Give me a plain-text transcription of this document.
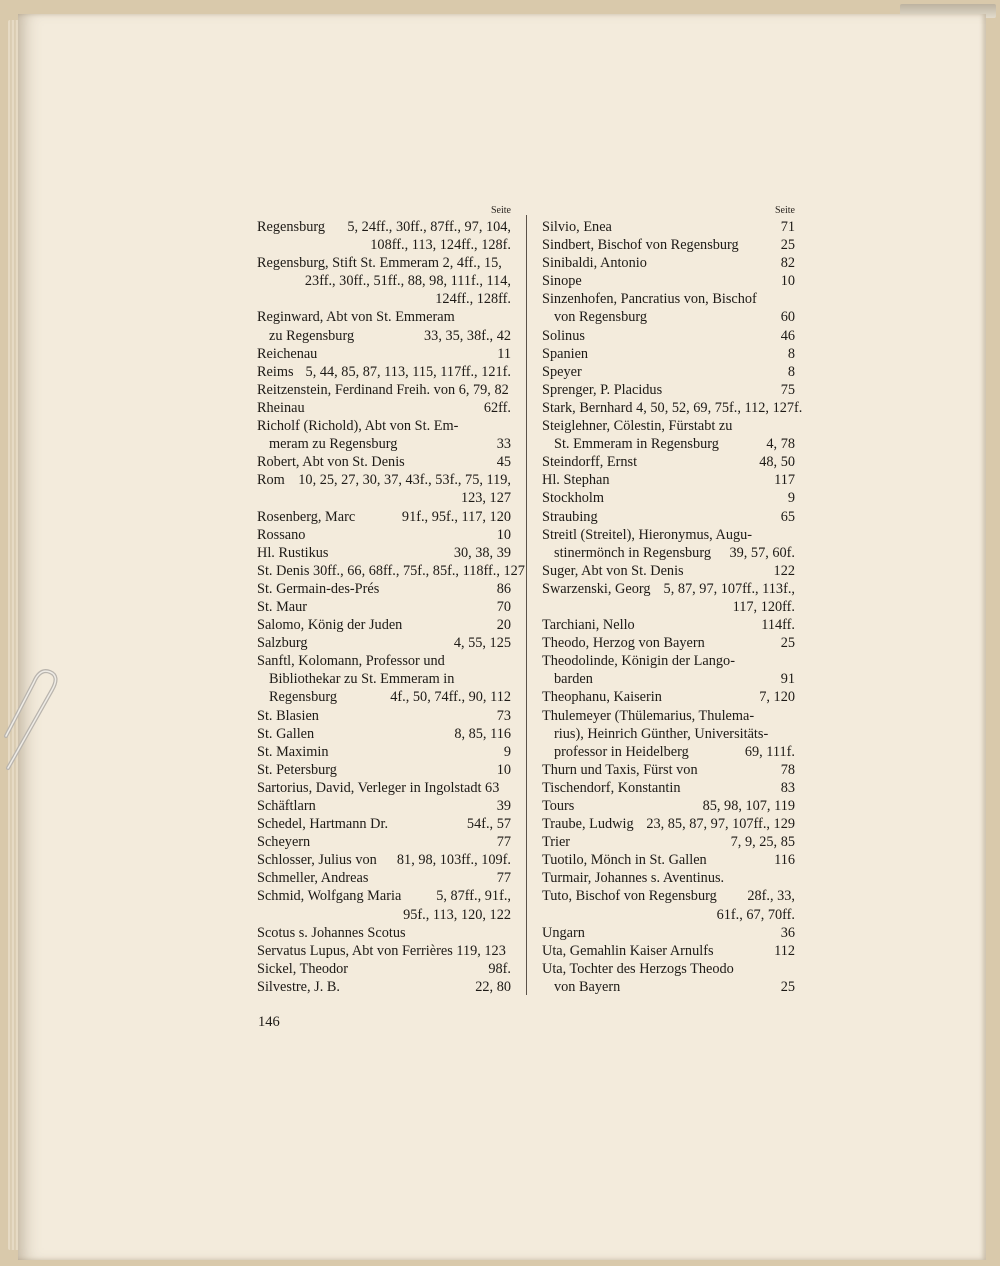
Seite
Regensburg 5, 24ff., 30ff., 87ff., 97, 104,
108ff., 113, 124ff., 128f.
Regensburg, Stift St. Emmeram 2, 4ff., 15,
23ff., 30ff., 51ff., 88, 98, 111f., 114,
124ff., 128ff.
Reginward, Abt von St. Emmeram
zu Regensburg	33, 35, 38f., 42
Reichenau	11
Reims 5, 44, 85, 87, 113, 115, 117ff., 121f.
Reitzenstein, Ferdinand Freih. von 6, 79, 82
Rheinau	62ff.
Richolf (Richold), Abt von St. Em-
meram zu Regensburg	33
Robert, Abt von St. Denis	45
Rom 10, 25, 27, 30, 37, 43f., 53f., 75, 119,
123, 127
Rosenberg, Marc	91f., 95f., 117, 120
Rossano	10
Hl. Rustikus	30, 38, 39
St. Denis 30ff., 66, 68ff., 75f., 85f., 118ff., 127
St. Germain-des-Prés	86
St. Maur	70
Salomo, König der Juden	20
Salzburg	4, 55, 125
Sanftl, Kolomann, Professor und
Bibliothekar zu St. Emmeram in
Regensburg	4f., 50, 74ff., 90, 112
St. Blasien	73
St. Gallen	8, 85, 116
St. Maximin	9
St. Petersburg	10
Sartorius, David, Verleger in Ingolstadt 63
Schäftlarn	39
Schedel, Hartmann Dr.	54f., 57
Scheyern	77
Schlosser, Julius von 81, 98, 103ff., 109f.
Schmeller, Andreas	77
Schmid, Wolfgang Maria 5, 87ff., 91f.,
95f., 113, 120, 122
Scotus s. Johannes Scotus
Servatus Lupus, Abt von Ferrières 119, 123
Sickel, Theodor	98f.
Silvestre, J. B.	22, 80
Seite
Silvio, Enea	71
Sindbert, Bischof von Regensburg	25
Sinibaldi, Antonio	82
Sinope	10
Sinzenhofen, Pancratius von, Bischof
von Regensburg	60
Solinus	46
Spanien	8
Speyer	8
Sprenger, P. Placidus	75
Stark, Bernhard 4, 50, 52, 69, 75f., 112, 127f.
Steiglehner, Cölestin, Fürstabt zu
St. Emmeram in Regensburg	4, 78
Steindorff, Ernst	48, 50
Hl. Stephan	117
Stockholm	9
Straubing	65
Streitl (Streitel), Hieronymus, Augu-
stinermönch in Regensburg 39, 57, 60f.
Suger, Abt von St. Denis	122
Swarzenski, Georg 5, 87, 97, 107ff., 113f.,
117, 120ff.
Tarchiani, Nello	114ff.
Theodo, Herzog von Bayern	25
Theodolinde, Königin der Lango-
barden	91
Theophanu, Kaiserin	7, 120
Thulemeyer (Thülemarius, Thulema-
rius), Heinrich Günther, Universitäts-
professor in Heidelberg	69, 111f.
Thurn und Taxis, Fürst von	78
Tischendorf, Konstantin	83
Tours	85, 98, 107, 119
Traube, Ludwig 23, 85, 87, 97, 107ff., 129
Trier	7, 9, 25, 85
Tuotilo, Mönch in St. Gallen	116
Turmair, Johannes s. Aventinus.
Tuto, Bischof von Regensburg 28f., 33,
61f., 67, 70ff.
Ungarn	36
Uta, Gemahlin Kaiser Arnulfs	112
Uta, Tochter des Herzogs Theodo
von Bayern	25
146
